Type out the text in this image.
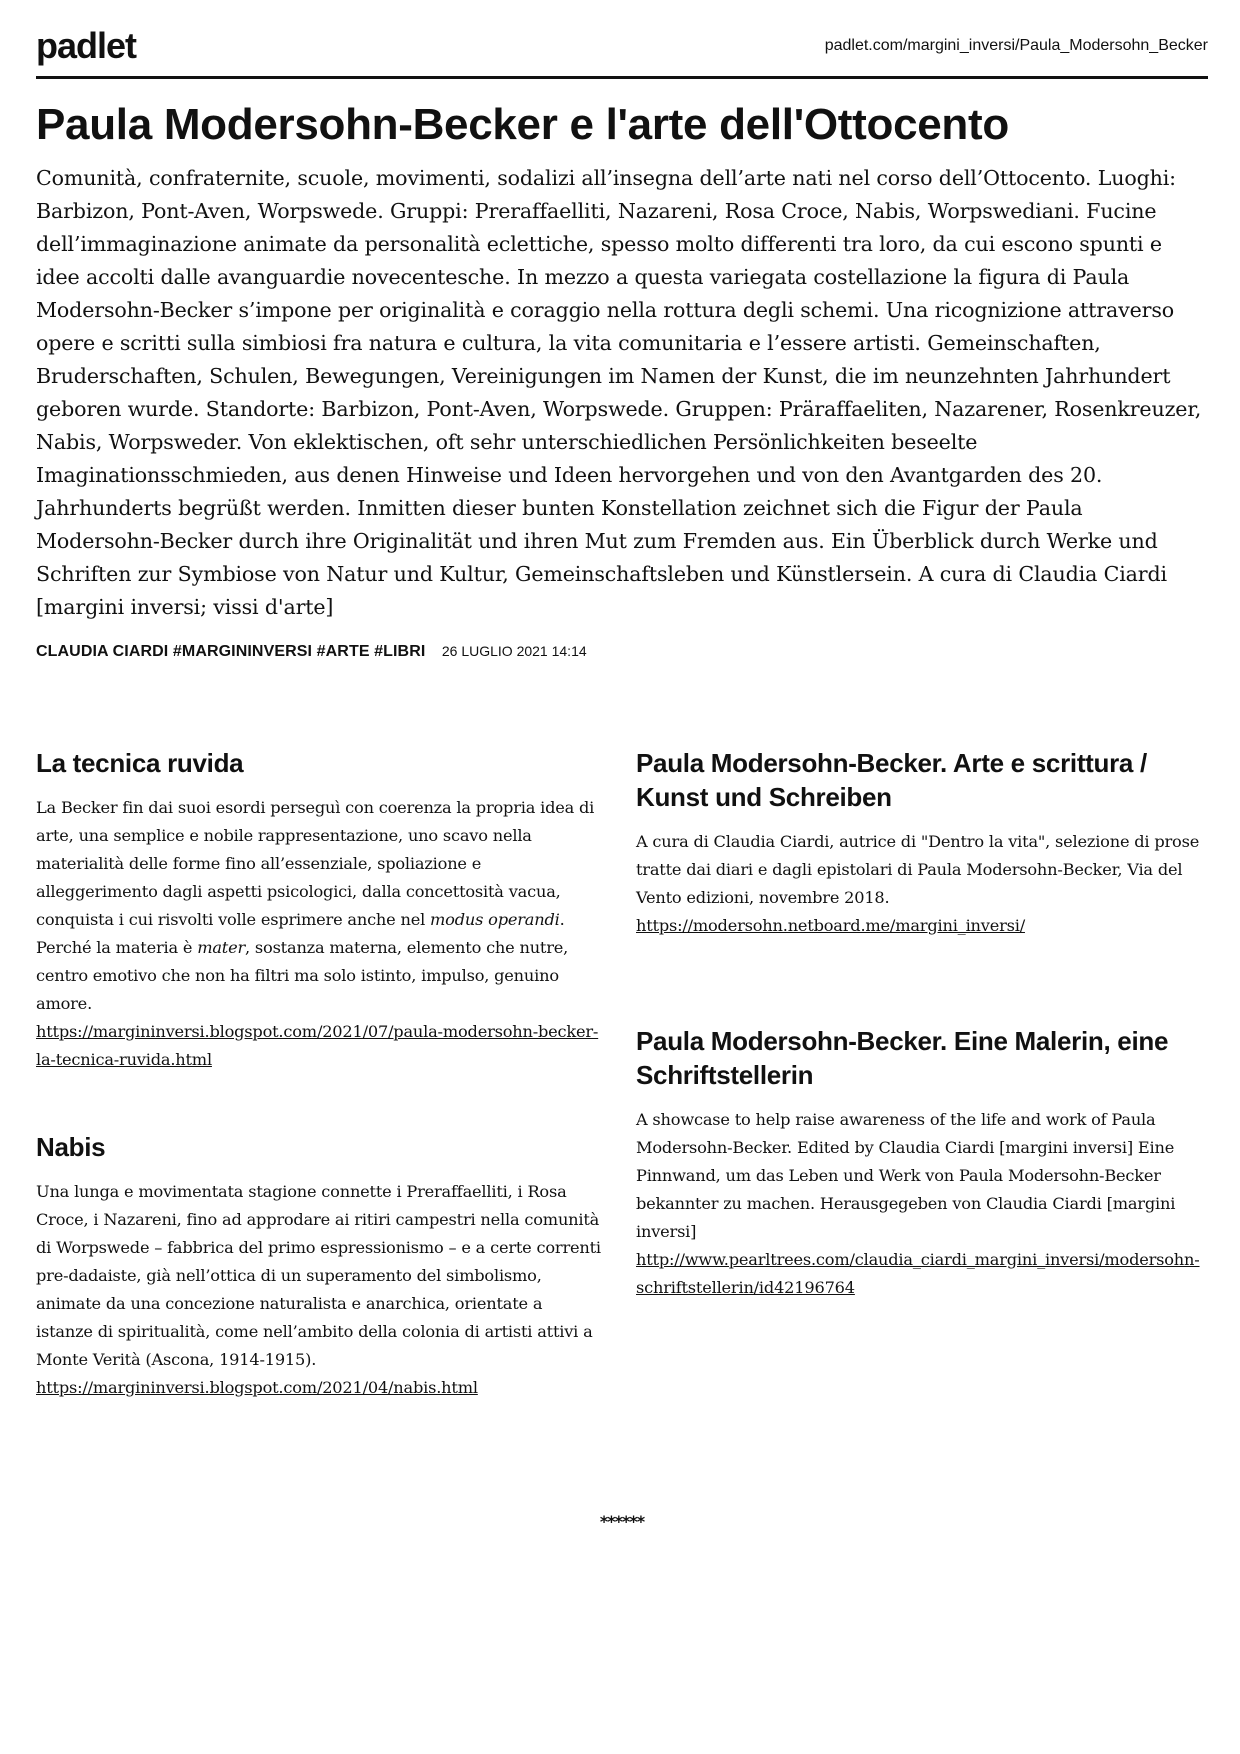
padlet	padlet.com/margini_inversi/Paula_Modersohn_Becker
Paula Modersohn-Becker e l'arte dell'Ottocento

Comunità, confraternite, scuole, movimenti, sodalizi all’insegna dell’arte nati nel corso dell’Ottocento. Luoghi: Barbizon, Pont-Aven, Worpswede. Gruppi: Preraffaelliti, Nazareni, Rosa Croce, Nabis, Worpswediani. Fucine dell’immaginazione animate da personalità eclettiche, spesso molto differenti tra loro, da cui escono spunti e idee accolti dalle avanguardie novecentesche. In mezzo a questa variegata costellazione la figura di Paula Modersohn-Becker s’impone per originalità e coraggio nella rottura degli schemi. Una ricognizione attraverso opere e scritti sulla simbiosi fra natura e cultura, la vita comunitaria e l’essere artisti. Gemeinschaften, Bruderschaften, Schulen, Bewegungen, Vereinigungen im Namen der Kunst, die im neunzehnten Jahrhundert geboren wurde. Standorte: Barbizon, Pont-Aven, Worpswede. Gruppen: Präraffaeliten, Nazarener, Rosenkreuzer, Nabis, Worpsweder. Von eklektischen, oft sehr unterschiedlichen Persönlichkeiten beseelte Imaginationsschmieden, aus denen Hinweise und Ideen hervorgehen und von den Avantgarden des 20. Jahrhunderts begrüßt werden. Inmitten dieser bunten Konstellation zeichnet sich die Figur der Paula Modersohn-Becker durch ihre Originalität und ihren Mut zum Fremden aus. Ein Überblick durch Werke und Schriften zur Symbiose von Natur und Kultur, Gemeinschaftsleben und Künstlersein. A cura di Claudia Ciardi [margini inversi; vissi d'arte]

CLAUDIA CIARDI #MARGININVERSI #ARTE #LIBRI 26 LUGLIO 2021 14:14
La tecnica ruvida

La Becker fin dai suoi esordi perseguì con coerenza la propria idea di arte, una semplice e nobile rappresentazione, uno scavo nella materialità delle forme fino all’essenziale, spoliazione e alleggerimento dagli aspetti psicologici, dalla concettosità vacua, conquista i cui risvolti volle esprimere anche nel modus operandi. Perché la materia è mater, sostanza materna, elemento che nutre, centro emotivo che non ha filtri ma solo istinto, impulso, genuino amore.
https://margininversi.blogspot.com/2021/07/paula-modersohn-becker-la-tecnica-ruvida.html

Nabis

Una lunga e movimentata stagione connette i Preraffaelliti, i Rosa Croce, i Nazareni, fino ad approdare ai ritiri campestri nella comunità di Worpswede – fabbrica del primo espressionismo – e a certe correnti pre-dadaiste, già nell’ottica di un superamento del simbolismo, animate da una concezione naturalista e anarchica, orientate a istanze di spiritualità, come nell’ambito della colonia di artisti attivi a Monte Verità (Ascona, 1914-1915).
https://margininversi.blogspot.com/2021/04/nabis.html

Paula Modersohn-Becker. Arte e scrittura / Kunst und Schreiben

A cura di Claudia Ciardi, autrice di "Dentro la vita", selezione di prose tratte dai diari e dagli epistolari di Paula Modersohn-Becker, Via del Vento edizioni, novembre 2018.
https://modersohn.netboard.me/margini_inversi/

Paula Modersohn-Becker. Eine Malerin, eine Schriftstellerin

A showcase to help raise awareness of the life and work of Paula Modersohn-Becker. Edited by Claudia Ciardi [margini inversi] Eine Pinnwand, um das Leben und Werk von Paula Modersohn-Becker bekannter zu machen. Herausgegeben von Claudia Ciardi [margini inversi]
http://www.pearltrees.com/claudia_ciardi_margini_inversi/modersohn-schriftstellerin/id42196764

******
